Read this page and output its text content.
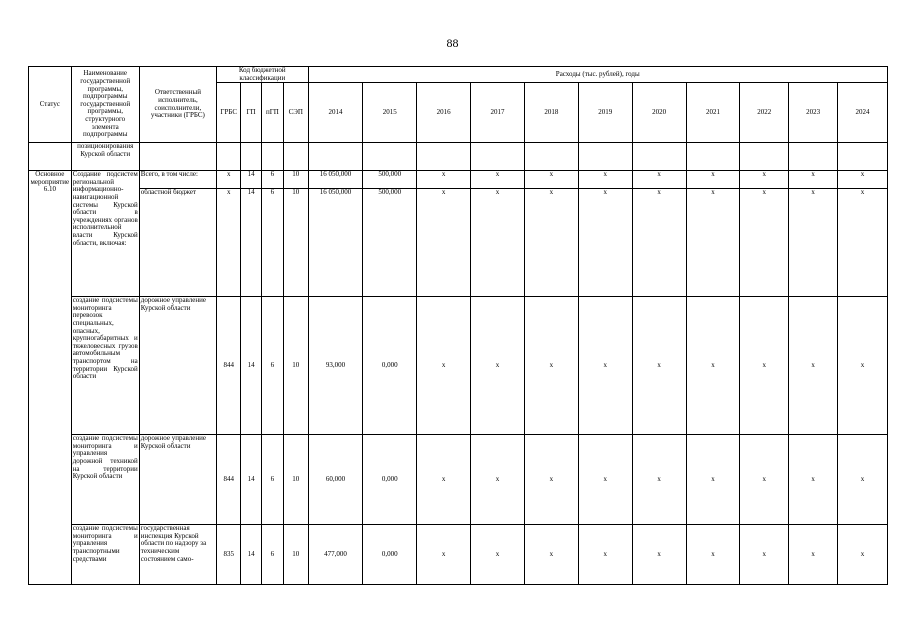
88
Статус	Наименование государственной программы, подпрограммы государственной программы, структурного элемента подпрограммы	Ответственный исполнитель, соисполнители, участники (ГРБС)	Код бюджетной классификации				Расходы (тыс. рублей), годы										
			ГРБС	ГП	пГП	СЭП	2014	2015	2016	2017	2018	2019	2020	2021	2022	2023	2024
	позиционирования Курской области																
Основное мероприятие 6.10	Создание подсистем региональной информационно-навигационной системы Курской области в учреждениях органов исполнительной власти Курской области, включая:	Всего, в том числе:	x	14	6	10	16 050,000	500,000	x	x	x	x	x	x	x	x	x
		областной бюджет	x	14	6	10	16 050,000	500,000	x	x	x	x	x	x	x	x	x
	создание подсистемы мониторинга перевозок специальных, опасных, крупногабаритных и тяжеловесных грузов автомобильным транспортом на территории Курской области	дорожное управление Курской области	844	14	6	10	93,000	0,000	x	x	x	x	x	x	x	x	x
	создание подсистемы мониторинга и управления дорожной техникой на территории Курской области	дорожное управление Курской области	844	14	6	10	60,000	0,000	x	x	x	x	x	x	x	x	x
	создание подсистемы мониторинга и управления транспортными средствами	государственная инспекция Курской области по надзору за техническим состоянием само-	835	14	6	10	477,000	0,000	x	x	x	x	x	x	x	x	x
